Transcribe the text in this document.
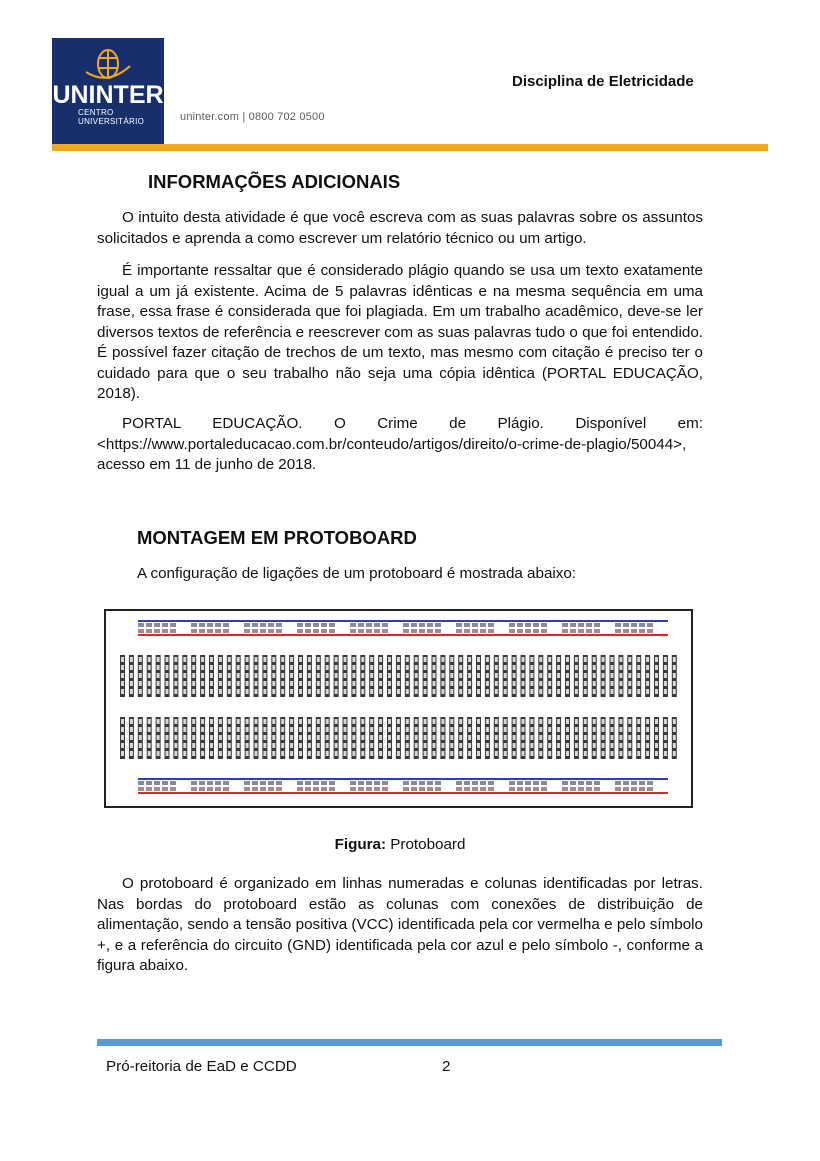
UNINTER
CENTRO
UNIVERSITÁRIO	uninter.com | 0800 702 0500
Disciplina de Eletricidade
INFORMAÇÕES ADICIONAIS

O intuito desta atividade é que você escreva com as suas palavras sobre os assuntos solicitados e aprenda a como escrever um relatório técnico ou um artigo.

É importante ressaltar que é considerado plágio quando se usa um texto exatamente igual a um já existente. Acima de 5 palavras idênticas e na mesma sequência em uma frase, essa frase é considerada que foi plagiada. Em um trabalho acadêmico, deve-se ler diversos textos de referência e reescrever com as suas palavras tudo o que foi entendido. É possível fazer citação de trechos de um texto, mas mesmo com citação é preciso ter o cuidado para que o seu trabalho não seja uma cópia idêntica (PORTAL EDUCAÇÃO, 2018).

PORTAL EDUCAÇÃO. O Crime de Plágio. Disponível em: <https://www.portaleducacao.com.br/conteudo/artigos/direito/o-crime-de-plagio/50044>, acesso em 11 de junho de 2018.

MONTAGEM EM PROTOBOARD
A configuração de ligações de um protoboard é mostrada abaixo:
Figura: Protoboard

O protoboard é organizado em linhas numeradas e colunas identificadas por letras. Nas bordas do protoboard estão as colunas com conexões de distribuição de alimentação, sendo a tensão positiva (VCC) identificada pela cor vermelha e pelo símbolo +, e a referência do circuito (GND) identificada pela cor azul e pelo símbolo -, conforme a figura abaixo.

Pró-reitoria de EaD e CCDD	2
